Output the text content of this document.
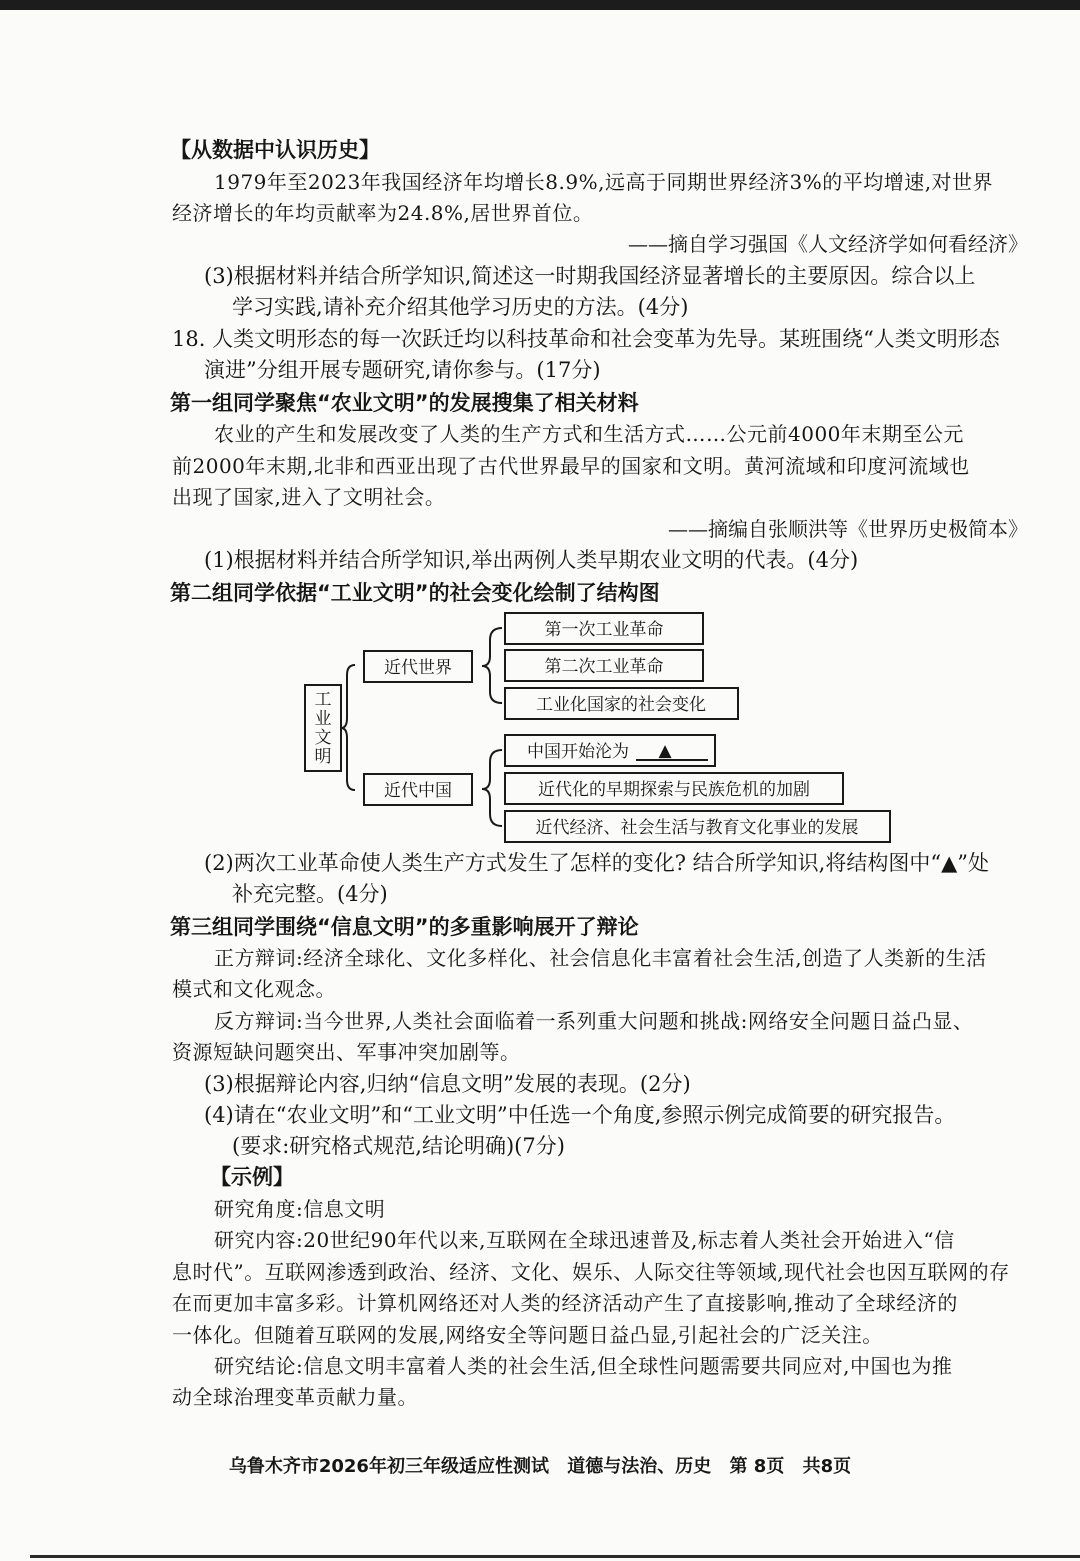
【从数据中认识历史】
1979年至2023年我国经济年均增长8.9%,远高于同期世界经济3%的平均增速,对世界
经济增长的年均贡献率为24.8%,居世界首位。
——摘自学习强国《人文经济学如何看经济》
(3)根据材料并结合所学知识,简述这一时期我国经济显著增长的主要原因。综合以上
学习实践,请补充介绍其他学习历史的方法。(4分)
18. 人类文明形态的每一次跃迁均以科技革命和社会变革为先导。某班围绕“人类文明形态
演进”分组开展专题研究,请你参与。(17分)
第一组同学聚焦“农业文明”的发展搜集了相关材料
农业的产生和发展改变了人类的生产方式和生活方式……公元前4000年末期至公元
前2000年末期,北非和西亚出现了古代世界最早的国家和文明。黄河流域和印度河流域也
出现了国家,进入了文明社会。
——摘编自张顺洪等《世界历史极简本》
(1)根据材料并结合所学知识,举出两例人类早期农业文明的代表。(4分)
第二组同学依据“工业文明”的社会变化绘制了结构图
工
业
文
明
近代世界
近代中国
第一次工业革命
第二次工业革命
工业化国家的社会变化
中国开始沦为 ▲
近代化的早期探索与民族危机的加剧
近代经济、社会生活与教育文化事业的发展
(2)两次工业革命使人类生产方式发生了怎样的变化? 结合所学知识,将结构图中“▲”处
补充完整。(4分)
第三组同学围绕“信息文明”的多重影响展开了辩论
正方辩词:经济全球化、文化多样化、社会信息化丰富着社会生活,创造了人类新的生活
模式和文化观念。
反方辩词:当今世界,人类社会面临着一系列重大问题和挑战:网络安全问题日益凸显、
资源短缺问题突出、军事冲突加剧等。
(3)根据辩论内容,归纳“信息文明”发展的表现。(2分)
(4)请在“农业文明”和“工业文明”中任选一个角度,参照示例完成简要的研究报告。
(要求:研究格式规范,结论明确)(7分)
【示例】
研究角度:信息文明
研究内容:20世纪90年代以来,互联网在全球迅速普及,标志着人类社会开始进入“信
息时代”。互联网渗透到政治、经济、文化、娱乐、人际交往等领域,现代社会也因互联网的存
在而更加丰富多彩。计算机网络还对人类的经济活动产生了直接影响,推动了全球经济的
一体化。但随着互联网的发展,网络安全等问题日益凸显,引起社会的广泛关注。
研究结论:信息文明丰富着人类的社会生活,但全球性问题需要共同应对,中国也为推
动全球治理变革贡献力量。
乌鲁木齐市2026年初三年级适应性测试 道德与法治、历史 第 8页 共8页
